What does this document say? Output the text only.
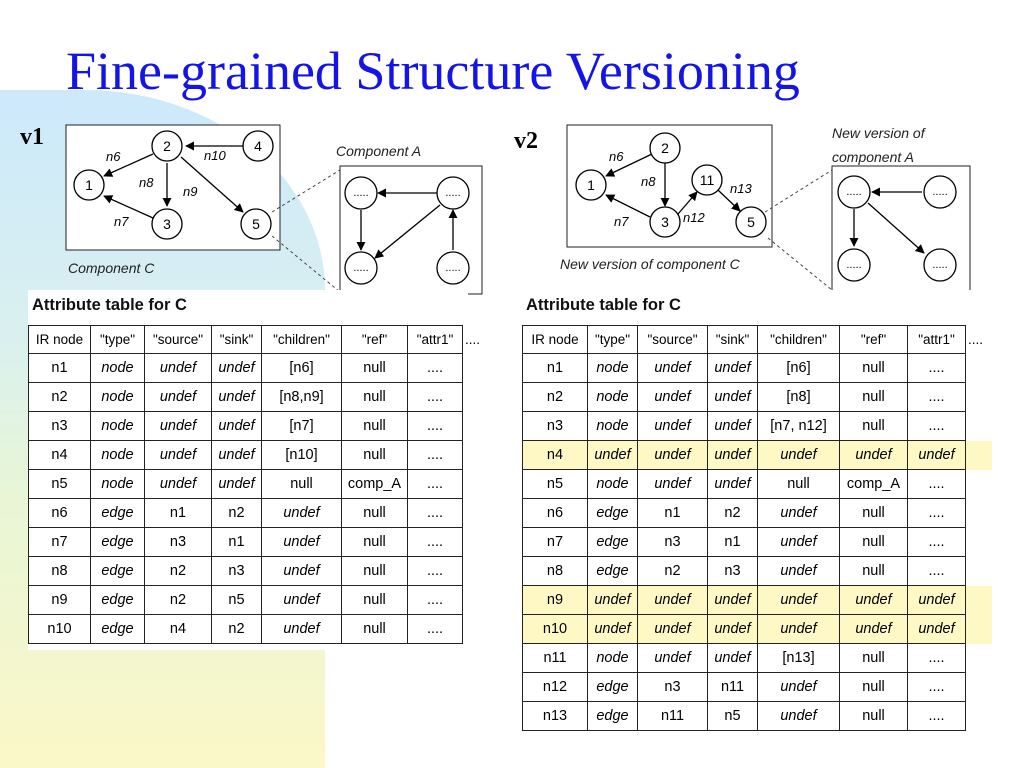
Fine-grained Structure Versioning
v1	v2
1
2
3
4
5
n6
n8
n9
n10
n7
Component C
Component A
.....	.....
.....	.....
1
2
3
11
5
n6
n8
n7	n12
n13
New version of component C
New version of
component A
.....	.....
.....	.....
Attribute table for C
IR node	"type"	"source"	"sink"	"children"	"ref"	"attr1"	....
n1	node	undef	undef	[n6]	null	....	
n2	node	undef	undef	[n8,n9]	null	....	
n3	node	undef	undef	[n7]	null	....	
n4	node	undef	undef	[n10]	null	....	
n5	node	undef	undef	null	comp_A	....	
n6	edge	n1	n2	undef	null	....	
n7	edge	n3	n1	undef	null	....	
n8	edge	n2	n3	undef	null	....	
n9	edge	n2	n5	undef	null	....	
n10	edge	n4	n2	undef	null	....	
Attribute table for C
IR node	"type"	"source"	"sink"	"children"	"ref"	"attr1"	....
n1	node	undef	undef	[n6]	null	....	
n2	node	undef	undef	[n8]	null	....	
n3	node	undef	undef	[n7, n12]	null	....	
n4	undef	undef	undef	undef	undef	undef	
n5	node	undef	undef	null	comp_A	....	
n6	edge	n1	n2	undef	null	....	
n7	edge	n3	n1	undef	null	....	
n8	edge	n2	n3	undef	null	....	
n9	undef	undef	undef	undef	undef	undef	
n10	undef	undef	undef	undef	undef	undef	
n11	node	undef	undef	[n13]	null	....	
n12	edge	n3	n11	undef	null	....	
n13	edge	n11	n5	undef	null	....	
